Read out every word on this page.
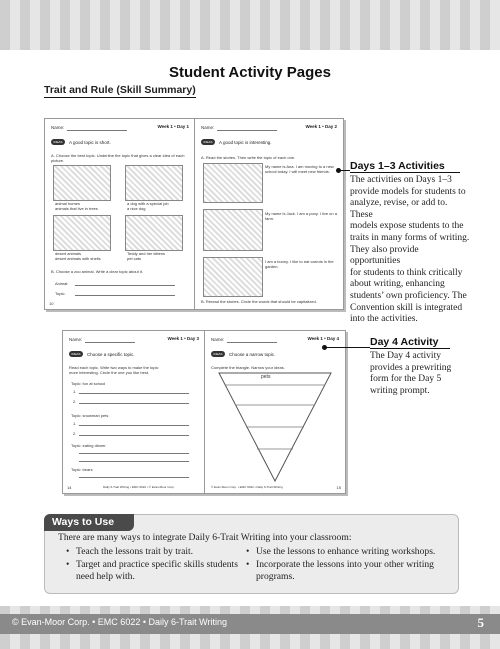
Student Activity Pages
Trait and Rule (Skill Summary)
Name:	Week 1 • Day 1
IDEAS	A good topic is short.
A. Choose the best topic. Underline the topic that gives a clear idea of each picture.
animal homes
animals that live in trees
a dog with a special job
a nice dog
desert animals
desert animals with shells
Teddy and her kittens
pet cats
B. Choose a zoo animal. Write a clear topic about it.
Animal:
Topic:
10
Name:	Week 1 • Day 2
IDEAS	A good topic is interesting.
A. Read the stories. Then write the topic of each one.
My name is Ana. I am moving to a new school today. I will meet new friends.
My name is Jack. I am a pony. I live on a farm.
I am a bunny. I like to eat carrots in the garden.
B. Reread the stories. Circle the words that should be capitalized.
Name:	Week 1 • Day 3
IDEAS	Choose a specific topic.
Read each topic. Write two ways to make the topic more interesting. Circle the one you like best.
Topic: fun at school
1.
2.
Topic: snowman pets
1.
2.
Topic: eating dinner
Topic: bears
14	Daily 6-Trait Writing • EMC 6022 • © Evan-Moor Corp.
Name:	Week 1 • Day 4
IDEAS	Choose a narrow topic.
Complete the triangle. Narrow your ideas.
pets
© Evan-Moor Corp. • EMC 6022 • Daily 6-Trait Writing	15
Days 1–3 Activities
The activities on Days 1–3
provide models for students to
analyze, revise, or add to. These
models expose students to the
traits in many forms of writing.
They also provide opportunities
for students to think critically
about writing, enhancing
students’ own proficiency. The
Convention skill is integrated
into the activities.
Day 4 Activity
The Day 4 activity
provides a prewriting
form for the Day 5
writing prompt.
Ways to Use
There are many ways to integrate Daily 6-Trait Writing into your classroom:
• Teach the lessons trait by trait.
• Target and practice specific skills students need help with.
• Use the lessons to enhance writing workshops.
• Incorporate the lessons into your other writing programs.
© Evan-Moor Corp. • EMC 6022 • Daily 6-Trait Writing	5
